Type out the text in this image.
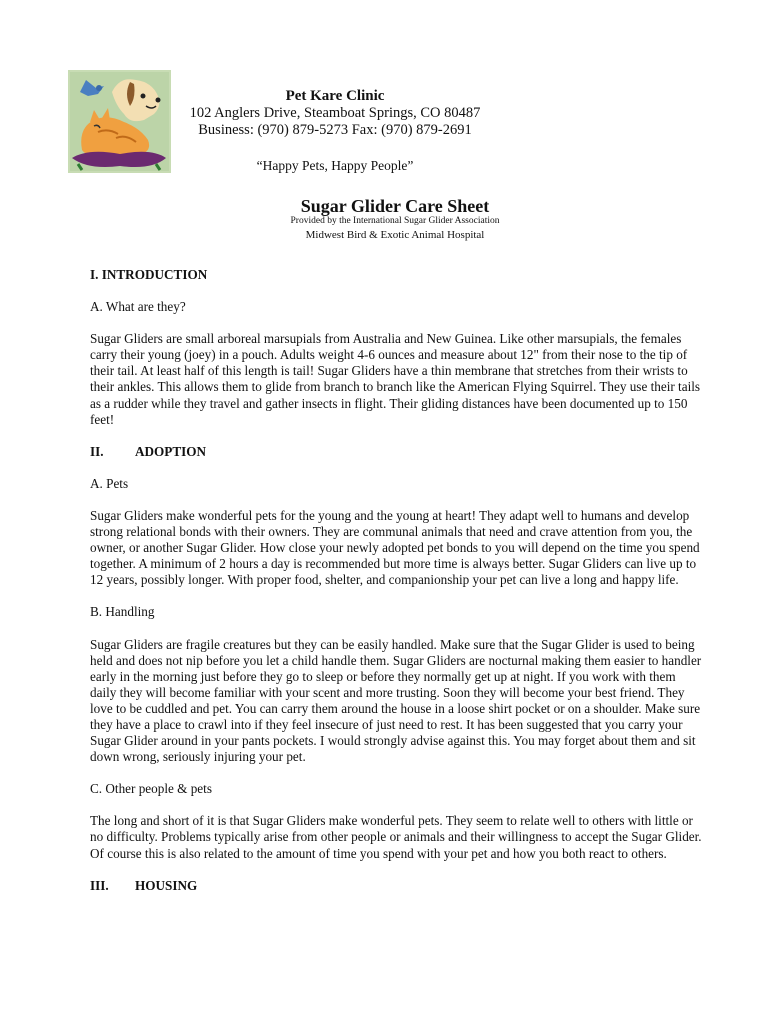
Pet Kare Clinic
102 Anglers Drive, Steamboat Springs, CO 80487
Business: (970) 879-5273 Fax: (970) 879-2691
“Happy Pets, Happy People”
Sugar Glider Care Sheet
Provided by the International Sugar Glider Association
Midwest Bird & Exotic Animal Hospital

I. INTRODUCTION

A. What are they?

Sugar Gliders are small arboreal marsupials from Australia and New Guinea. Like other marsupials, the females carry their young (joey) in a pouch. Adults weight 4-6 ounces and measure about 12" from their nose to the tip of their tail. At least half of this length is tail! Sugar Gliders have a thin membrane that stretches from their wrists to their ankles. This allows them to glide from branch to branch like the American Flying Squirrel. They use their tails as a rudder while they travel and gather insects in flight. Their gliding distances have been documented up to 150 feet!

II. ADOPTION

A. Pets

Sugar Gliders make wonderful pets for the young and the young at heart! They adapt well to humans and develop strong relational bonds with their owners. They are communal animals that need and crave attention from you, the owner, or another Sugar Glider. How close your newly adopted pet bonds to you will depend on the time you spend together. A minimum of 2 hours a day is recommended but more time is always better. Sugar Gliders can live up to 12 years, possibly longer. With proper food, shelter, and companionship your pet can live a long and happy life.

B. Handling

Sugar Gliders are fragile creatures but they can be easily handled. Make sure that the Sugar Glider is used to being held and does not nip before you let a child handle them. Sugar Gliders are nocturnal making them easier to handler early in the morning just before they go to sleep or before they normally get up at night. If you work with them daily they will become familiar with your scent and more trusting. Soon they will become your best friend. They love to be cuddled and pet. You can carry them around the house in a loose shirt pocket or on a shoulder. Make sure they have a place to crawl into if they feel insecure of just need to rest. It has been suggested that you carry your Sugar Glider around in your pants pockets. I would strongly advise against this. You may forget about them and sit down wrong, seriously injuring your pet.

C. Other people & pets

The long and short of it is that Sugar Gliders make wonderful pets. They seem to relate well to others with little or no difficulty. Problems typically arise from other people or animals and their willingness to accept the Sugar Glider. Of course this is also related to the amount of time you spend with your pet and how you both react to others.

III. HOUSING
